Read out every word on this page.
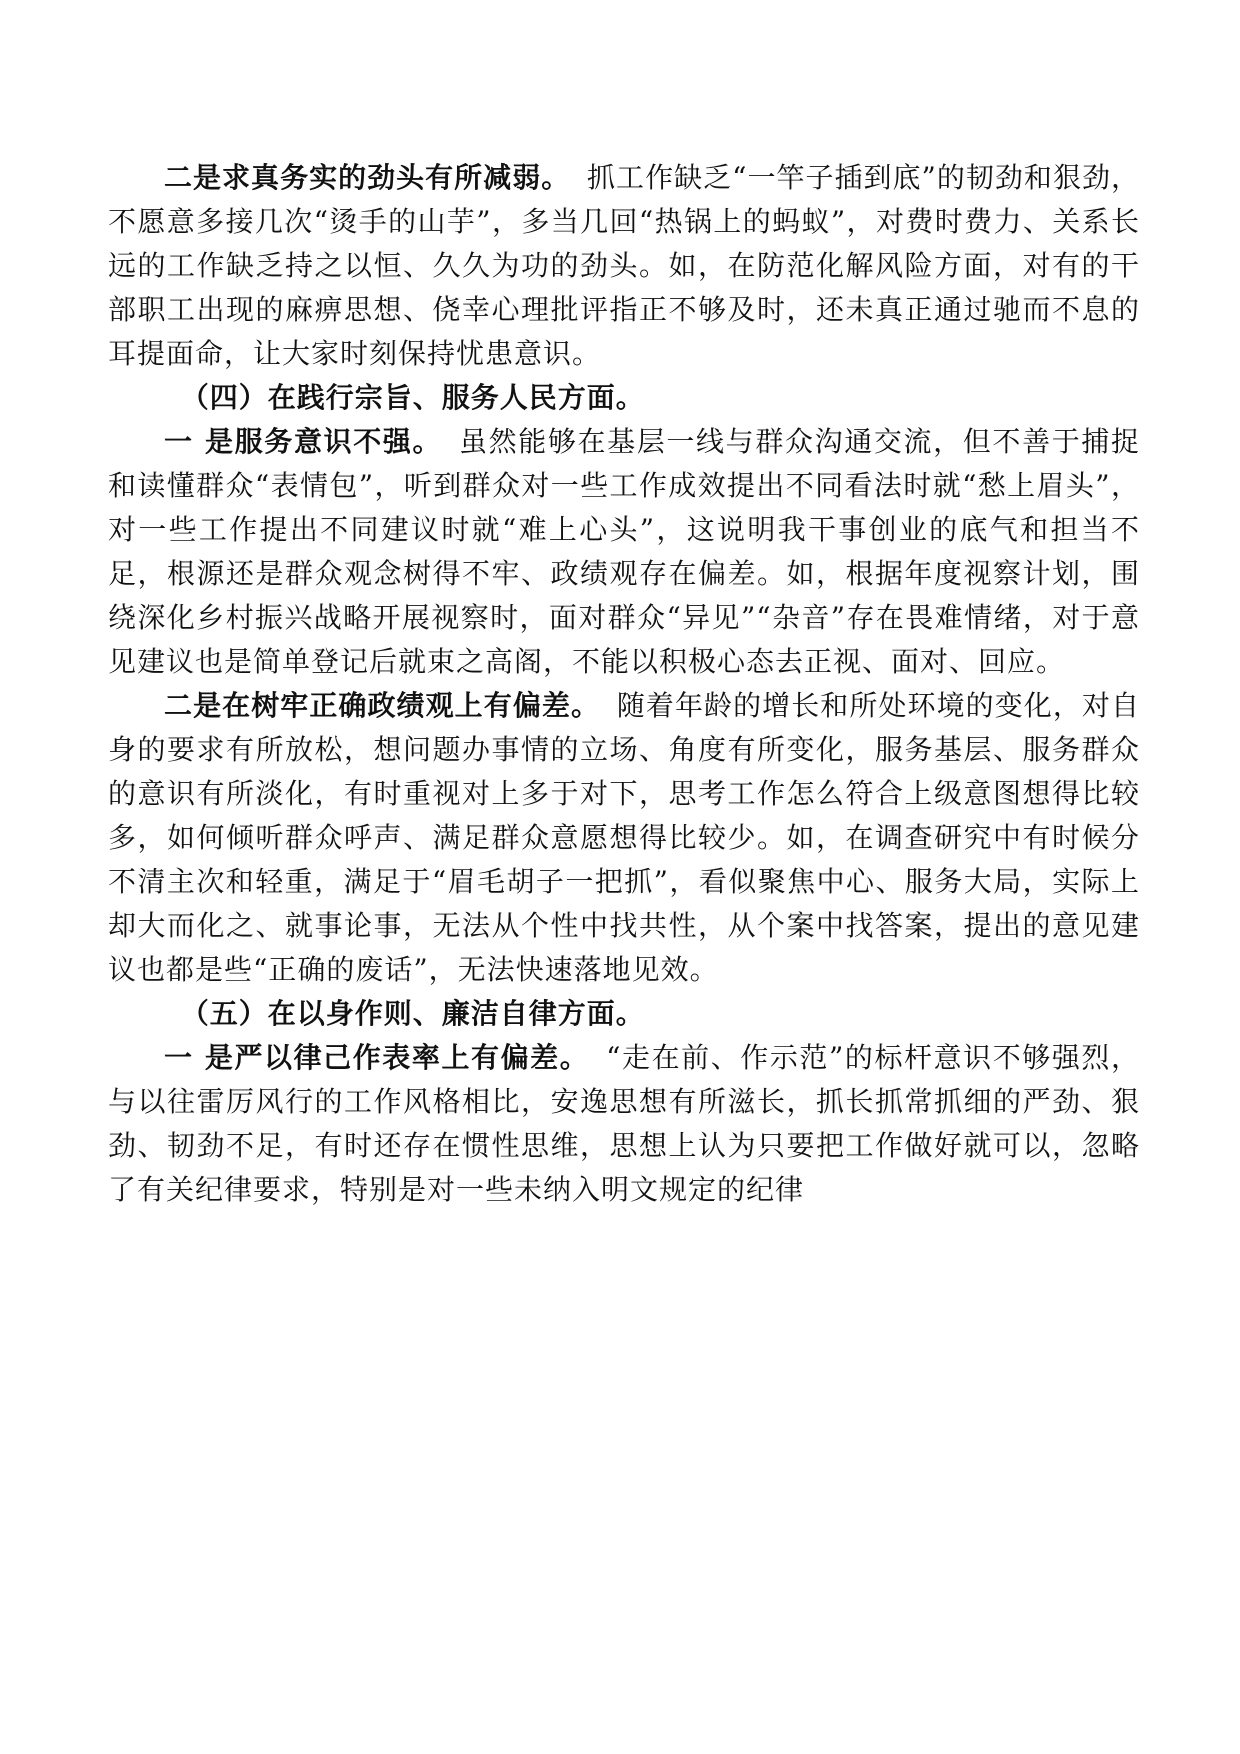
二是求真务实的劲头有所减弱。 抓工作缺乏“一竿子插到底”的韧劲和狠劲，不愿意多接几次“烫手的山芋”，多当几回“热锅上的蚂蚁”，对费时费力、关系长远的工作缺乏持之以恒、久久为功的劲头。如，在防范化解风险方面，对有的干部职工出现的麻痹思想、侥幸心理批评指正不够及时，还未真正通过驰而不息的耳提面命，让大家时刻保持忧患意识。

（四）在践行宗旨、服务人民方面。

一 是服务意识不强。 虽然能够在基层一线与群众沟通交流，但不善于捕捉和读懂群众“表情包”，听到群众对一些工作成效提出不同看法时就“愁上眉头”，对一些工作提出不同建议时就“难上心头”，这说明我干事创业的底气和担当不足，根源还是群众观念树得不牢、政绩观存在偏差。如，根据年度视察计划，围绕深化乡村振兴战略开展视察时，面对群众“异见”“杂音”存在畏难情绪，对于意见建议也是简单登记后就束之高阁，不能以积极心态去正视、面对、回应。

二是在树牢正确政绩观上有偏差。 随着年龄的增长和所处环境的变化，对自身的要求有所放松，想问题办事情的立场、角度有所变化，服务基层、服务群众的意识有所淡化，有时重视对上多于对下，思考工作怎么符合上级意图想得比较多，如何倾听群众呼声、满足群众意愿想得比较少。如，在调查研究中有时候分不清主次和轻重，满足于“眉毛胡子一把抓”，看似聚焦中心、服务大局，实际上却大而化之、就事论事，无法从个性中找共性，从个案中找答案，提出的意见建议也都是些“正确的废话”，无法快速落地见效。

（五）在以身作则、廉洁自律方面。

一 是严以律己作表率上有偏差。 “走在前、作示范”的标杆意识不够强烈，与以往雷厉风行的工作风格相比，安逸思想有所滋长，抓长抓常抓细的严劲、狠劲、韧劲不足，有时还存在惯性思维，思想上认为只要把工作做好就可以，忽略了有关纪律要求，特别是对一些未纳入明文规定的纪律
